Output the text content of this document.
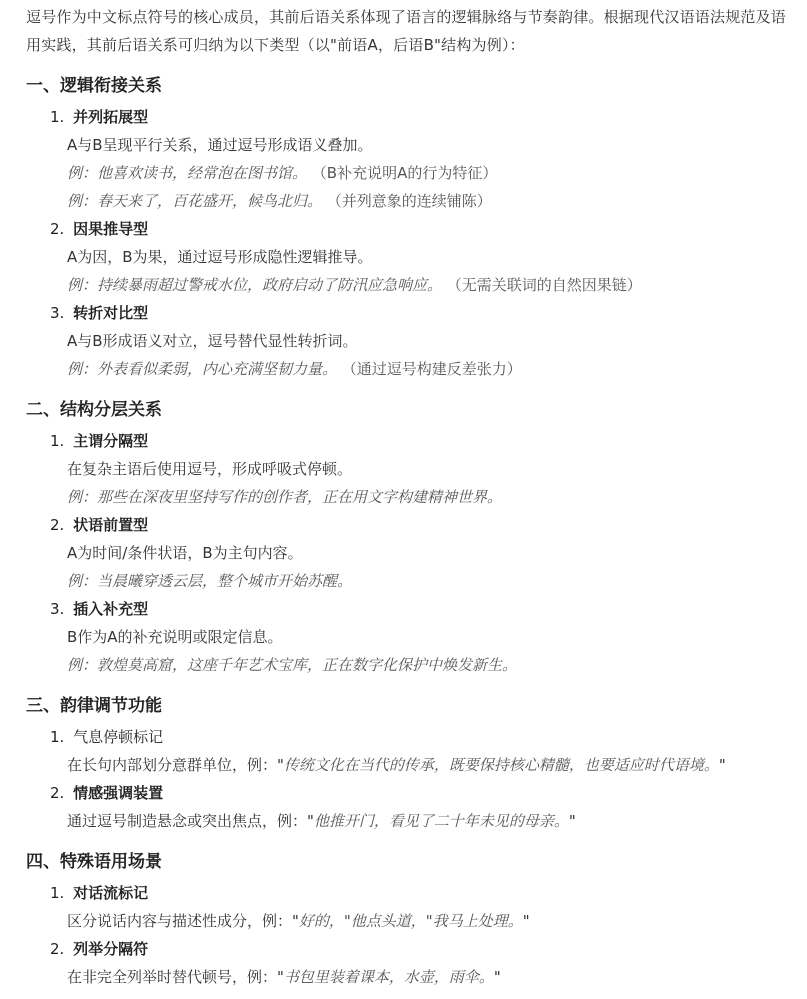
逗号作为中文标点符号的核心成员，其前后语关系体现了语言的逻辑脉络与节奏韵律。根据现代汉语语法规范及语用实践，其前后语关系可归纳为以下类型（以"前语A，后语B"结构为例）：

一、逻辑衔接关系
1. 并列拓展型
A与B呈现平行关系，通过逗号形成语义叠加。
例：他喜欢读书，经常泡在图书馆。 （B补充说明A的行为特征）
例：春天来了，百花盛开，候鸟北归。 （并列意象的连续铺陈）
2. 因果推导型
A为因，B为果，通过逗号形成隐性逻辑推导。
例：持续暴雨超过警戒水位，政府启动了防汛应急响应。 （无需关联词的自然因果链）
3. 转折对比型
A与B形成语义对立，逗号替代显性转折词。
例：外表看似柔弱，内心充满坚韧力量。 （通过逗号构建反差张力）
二、结构分层关系
1. 主谓分隔型
在复杂主语后使用逗号，形成呼吸式停顿。
例：那些在深夜里坚持写作的创作者，正在用文字构建精神世界。
2. 状语前置型
A为时间/条件状语，B为主句内容。
例：当晨曦穿透云层，整个城市开始苏醒。
3. 插入补充型
B作为A的补充说明或限定信息。
例：敦煌莫高窟，这座千年艺术宝库，正在数字化保护中焕发新生。
三、韵律调节功能
1. 气息停顿标记
在长句内部划分意群单位，例："传统文化在当代的传承，既要保持核心精髓，也要适应时代语境。"
2. 情感强调装置
通过逗号制造悬念或突出焦点，例："他推开门，看见了二十年未见的母亲。"
四、特殊语用场景
1. 对话流标记
区分说话内容与描述性成分，例："好的，"他点头道，"我马上处理。"
2. 列举分隔符
在非完全列举时替代顿号，例："书包里装着课本，水壶，雨伞。"
